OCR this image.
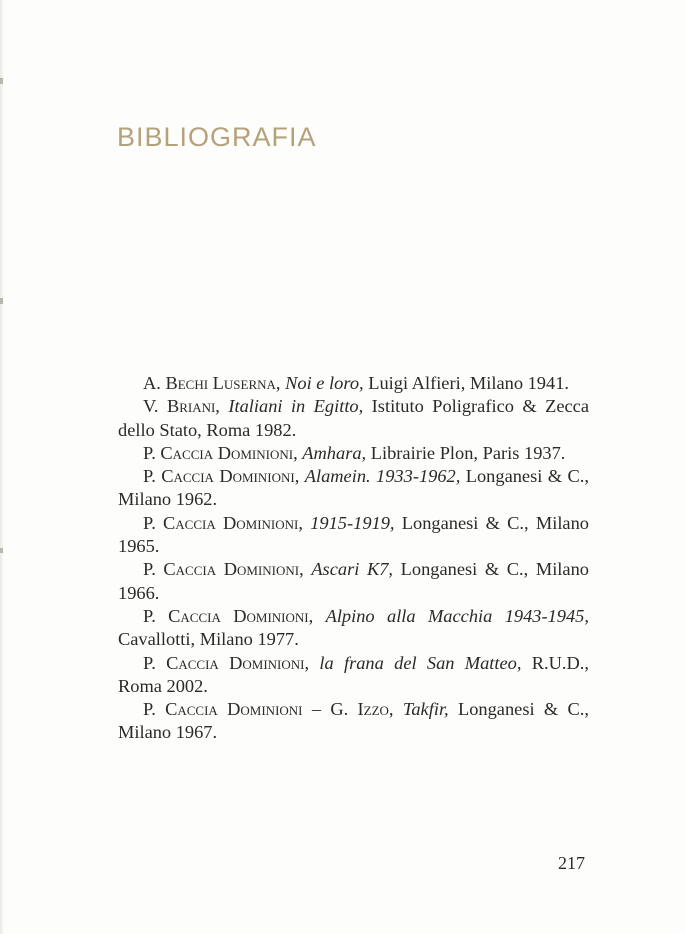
BIBLIOGRAFIA

A. Bechi Luserna, Noi e loro, Luigi Alfieri, Milano 1941.

V. Briani, Italiani in Egitto, Istituto Poligrafico & Zecca dello Stato, Roma 1982.

P. Caccia Dominioni, Amhara, Librairie Plon, Paris 1937.

P. Caccia Dominioni, Alamein. 1933-1962, Longanesi & C., Milano 1962.

P. Caccia Dominioni, 1915-1919, Longanesi & C., Milano 1965.

P. Caccia Dominioni, Ascari K7, Longanesi & C., Milano 1966.

P. Caccia Dominioni, Alpino alla Macchia 1943-1945, Cavallotti, Milano 1977.

P. Caccia Dominioni, la frana del San Matteo, R.U.D., Roma 2002.

P. Caccia Dominioni – G. Izzo, Takfir, Longanesi & C., Milano 1967.

217
